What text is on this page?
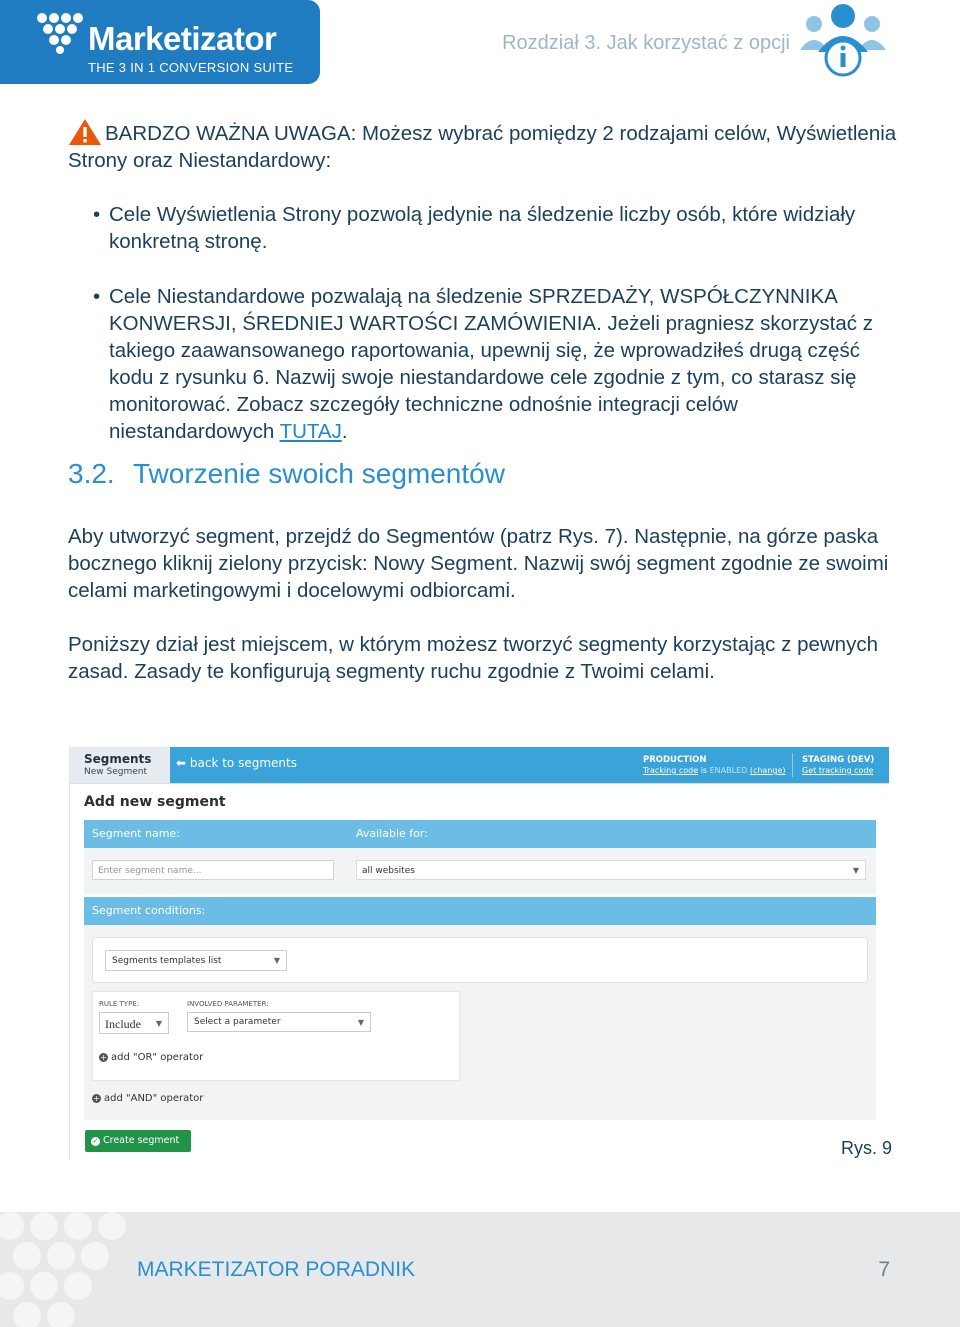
Marketizator
THE 3 IN 1 CONVERSION SUITE
Rozdział 3. Jak korzystać z opcji
BARDZO WAŻNA UWAGA: Możesz wybrać pomiędzy 2 rodzajami celów, Wyświetlenia Strony oraz Niestandardowy:
• Cele Wyświetlenia Strony pozwolą jedynie na śledzenie liczby osób, które widziały konkretną stronę.
• Cele Niestandardowe pozwalają na śledzenie SPRZEDAŻY, WSPÓŁCZYNNIKA KONWERSJI, ŚREDNIEJ WARTOŚCI ZAMÓWIENIA. Jeżeli pragniesz skorzystać z takiego zaawansowanego raportowania, upewnij się, że wprowadziłeś drugą część kodu z rysunku 6. Nazwij swoje niestandardowe cele zgodnie z tym, co starasz się monitorować. Zobacz szczegóły techniczne odnośnie integracji celów niestandardowych TUTAJ.
3.2. Tworzenie swoich segmentów
Aby utworzyć segment, przejdź do Segmentów (patrz Rys. 7). Następnie, na górze paska bocznego kliknij zielony przycisk: Nowy Segment. Nazwij swój segment zgodnie ze swoimi celami marketingowymi i docelowymi odbiorcami.
Poniższy dział jest miejscem, w którym możesz tworzyć segmenty korzystając z pewnych zasad. Zasady te konfigurują segmenty ruchu zgodnie z Twoimi celami.
Segments
New Segment
⬅ back to segments	PRODUCTION
Tracking code is ENABLED (change)
STAGING (DEV)
Get tracking code
Add new segment
Segment name:	Available for:
Enter segment name...	all websites	▼
Segment conditions:
Segments templates list	▼
RULE TYPE:	INVOLVED PARAMETER:
Include ▼	Select a parameter	▼
+ add "OR" operator
+ add "AND" operator
✓ Create segment	Rys. 9
MARKETIZATOR PORADNIK	7
